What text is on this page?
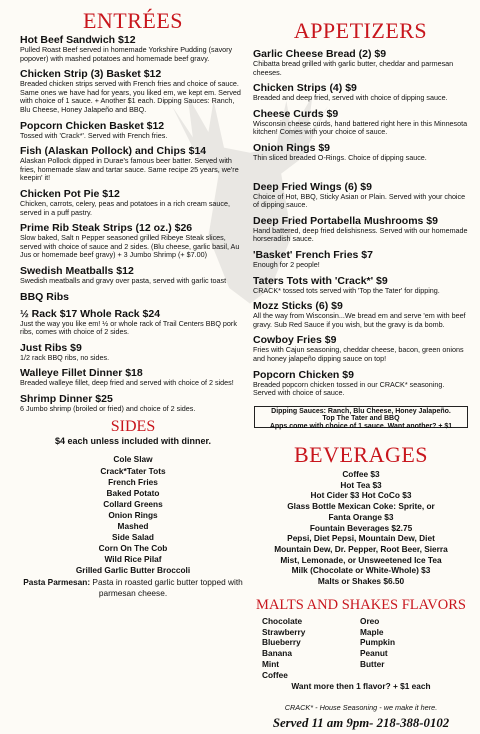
ENTRÉES
Hot Beef Sandwich $12
Pulled Roast Beef served in homemade Yorkshire Pudding (savory popover) with mashed potatoes and homemade beef gravy.
Chicken Strip (3) Basket $12
Breaded chicken strips served with French fries and choice of sauce. Same ones we have had for years, you liked em, we kept em. Served with choice of 1 sauce. + Another $1 each. Dipping Sauces: Ranch, Blu Cheese, Honey Jalapeño and BBQ.
Popcorn Chicken Basket $12
Tossed with 'Crack*'. Served with French fries.
Fish (Alaskan Pollock) and Chips $14
Alaskan Pollock dipped in Durae's famous beer batter. Served with fries, homemade slaw and tartar sauce. Same recipe 25 years, we're keepin' it!
Chicken Pot Pie $12
Chicken, carrots, celery, peas and potatoes in a rich cream sauce, served in a puff pastry.
Prime Rib Steak Strips (12 oz.) $26
Slow baked, Salt n Pepper seasoned grilled Ribeye Steak slices, served with choice of sauce and 2 sides. (Blu cheese, garlic basil, Au Jus or homemade beef gravy) + 3 Jumbo Shrimp (+ $7.00)
Swedish Meatballs $12
Swedish meatballs and gravy over pasta, served with garlic toast
BBQ Ribs
½ Rack $17 Whole Rack $24
Just the way you like em! ½ or whole rack of Trail Centers BBQ pork ribs, comes with choice of 2 sides.
Just Ribs $9
1/2 rack BBQ ribs, no sides.
Walleye Fillet Dinner $18
Breaded walleye fillet, deep fried and served with choice of 2 sides!
Shrimp Dinner $25
6 Jumbo shrimp (broiled or fried) and choice of 2 sides.
SIDES
$4 each unless included with dinner.
Cole Slaw
Crack*Tater Tots
French Fries
Baked Potato
Collard Greens
Onion Rings
Mashed
Side Salad
Corn On The Cob
Wild Rice Pilaf
Grilled Garlic Butter Broccoli
Pasta Parmesan: Pasta in roasted garlic butter topped with parmesan cheese.
APPETIZERS
Garlic Cheese Bread (2) $9
Chibatta bread grilled with garlic butter, cheddar and parmesan cheeses.
Chicken Strips (4) $9
Breaded and deep fried, served with choice of dipping sauce.
Cheese Curds $9
Wisconsin cheese curds, hand battered right here in this Minnesota kitchen! Comes with your choice of sauce.
Onion Rings $9
Thin sliced breaded O-Rings. Choice of dipping sauce.
Deep Fried Wings (6) $9
Choice of Hot, BBQ, Sticky Asian or Plain. Served with your choice of dipping sauce.
Deep Fried Portabella Mushrooms $9
Hand battered, deep fried delishisness. Served with our homemade horseradish sauce.
'Basket' French Fries $7
Enough for 2 people!
Taters Tots with 'Crack*' $9
CRACK* tossed tots served with 'Top the Tater' for dipping.
Mozz Sticks (6) $9
All the way from Wisconsin...We bread em and serve 'em with beef gravy. Sub Red Sauce if you wish, but the gravy is da bomb.
Cowboy Fries $9
Fries with Cajun seasoning, cheddar cheese, bacon, green onions and honey jalapeño dipping sauce on top!
Popcorn Chicken $9
Breaded popcorn chicken tossed in our CRACK* seasoning. Served with choice of sauce.
Dipping Sauces: Ranch, Blu Cheese, Honey Jalapeño.
Top The Tater and BBQ
Apps come with choice of 1 sauce. Want another? + $1
BEVERAGES
Coffee $3
Hot Tea $3
Hot Cider $3 Hot CoCo $3
Glass Bottle Mexican Coke: Sprite, or
Fanta Orange $3
Fountain Beverages $2.75
Pepsi, Diet Pepsi, Mountain Dew, Diet
Mountain Dew, Dr. Pepper, Root Beer, Sierra
Mist, Lemonade, or Unsweetened Ice Tea
Milk (Chocolate or White-Whole) $3
Malts or Shakes $6.50
MALTS AND SHAKES FLAVORS
Chocolate
Strawberry
Blueberry
Banana
Mint
Coffee
Oreo
Maple
Pumpkin
Peanut
Butter
Want more then 1 flavor? + $1 each
CRACK* - House Seasoning - we make it here.
Served 11 am 9pm- 218-388-0102
